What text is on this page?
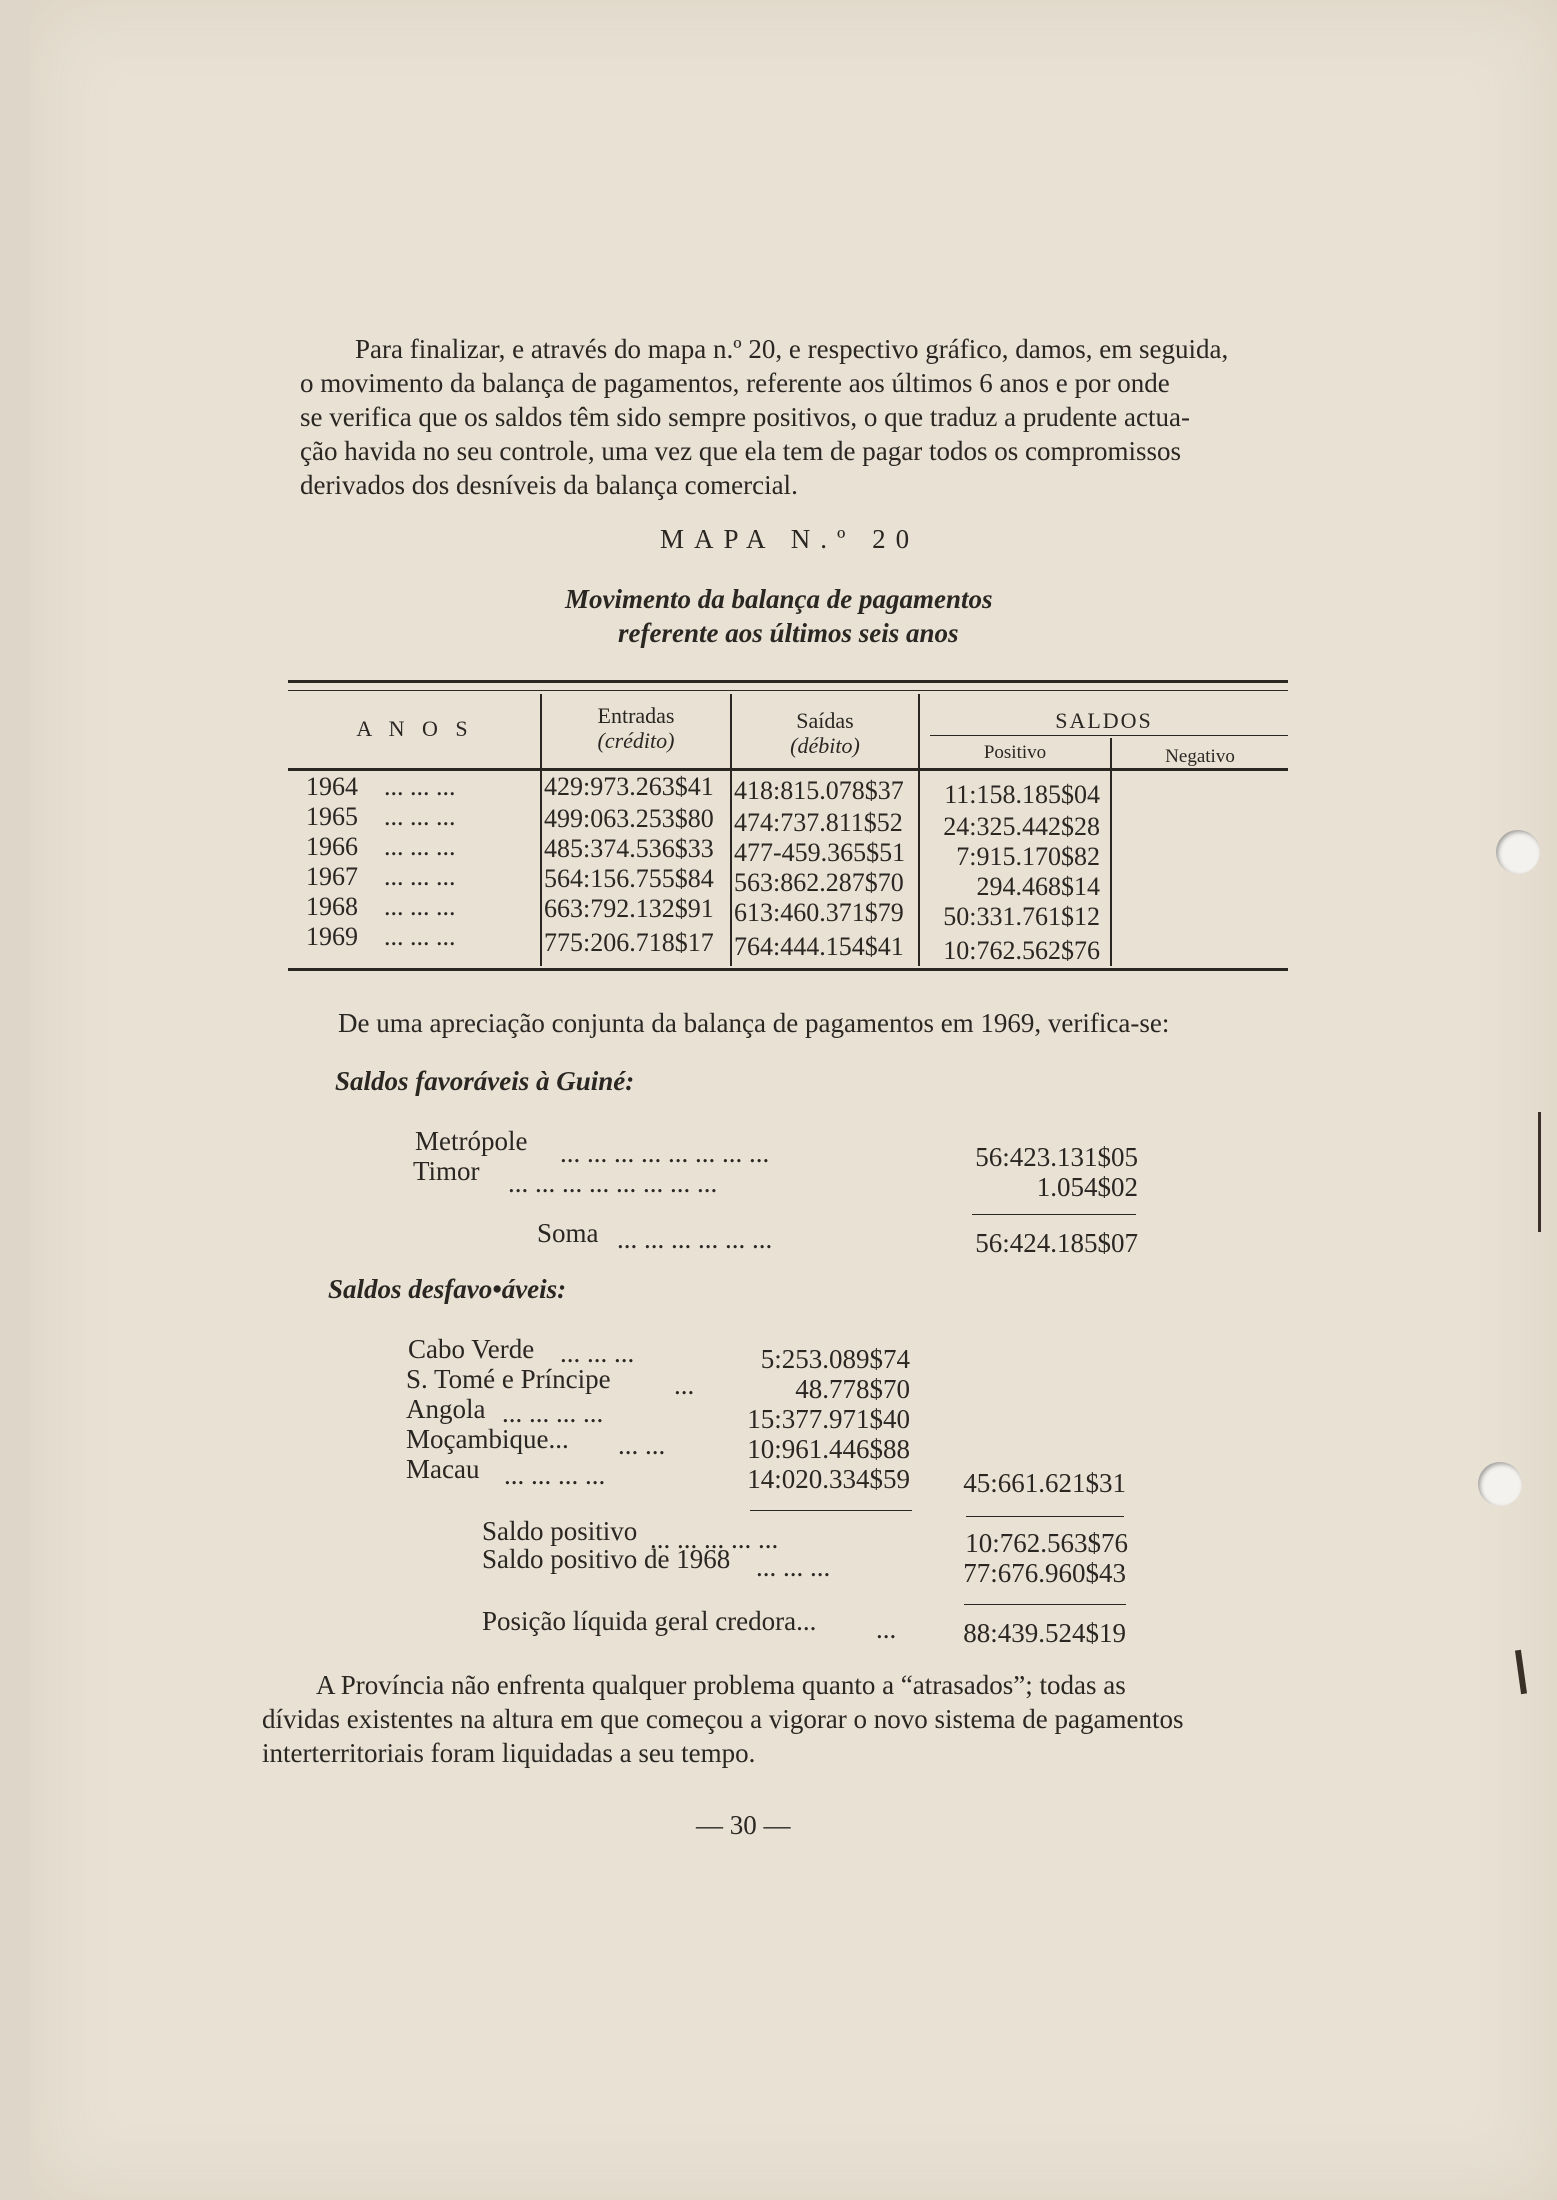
Para finalizar, e através do mapa n.º 20, e respectivo gráfico, damos, em seguida,
o movimento da balança de pagamentos, referente aos últimos 6 anos e por onde
se verifica que os saldos têm sido sempre positivos, o que traduz a prudente actua-
ção havida no seu controle, uma vez que ela tem de pagar todos os compromissos
derivados dos desníveis da balança comercial.
MAPA N.º 20
Movimento da balança de pagamentos
referente aos últimos seis anos
A N O S
Entradas
(crédito)
Saídas
(débito)
SALDOS
Positivo	Negativo
1964 ... ... ...	429:973.263$41 418:815.078$37	11:158.185$04
1965 ... ... ...	499:063.253$80 474:737.811$52	24:325.442$28
1966 ... ... ...	485:374.536$33 477-459.365$51	7:915.170$82
1967 ... ... ...	564:156.755$84 563:862.287$70	294.468$14
1968 ... ... ...	663:792.132$91 613:460.371$79	50:331.761$12
1969 ... ... ...	775:206.718$17 764:444.154$41	10:762.562$76
De uma apreciação conjunta da balança de pagamentos em 1969, verifica-se:
Saldos favoráveis à Guiné:
Metrópole ... ... ... ... ... ... ... ...	56:423.131$05
Timor ... ... ... ... ... ... ... ...	1.054$02
Soma ... ... ... ... ... ...	56:424.185$07
Saldos desfavo•áveis:
Cabo Verde ... ... ...	5:253.089$74
S. Tomé e Príncipe ...	48.778$70
Angola ... ... ... ...	15:377.971$40
Moçambique... ... ...	10:961.446$88
Macau ... ... ... ...	14:020.334$59	45:661.621$31
Saldo positivo ... ... ... ... ...	10:762.563$76
Saldo positivo de 1968 ... ... ...	77:676.960$43
Posição líquida geral credora... ...	88:439.524$19
A Província não enfrenta qualquer problema quanto a “atrasados”; todas as
dívidas existentes na altura em que começou a vigorar o novo sistema de pagamentos
interterritoriais foram liquidadas a seu tempo.
— 30 —
